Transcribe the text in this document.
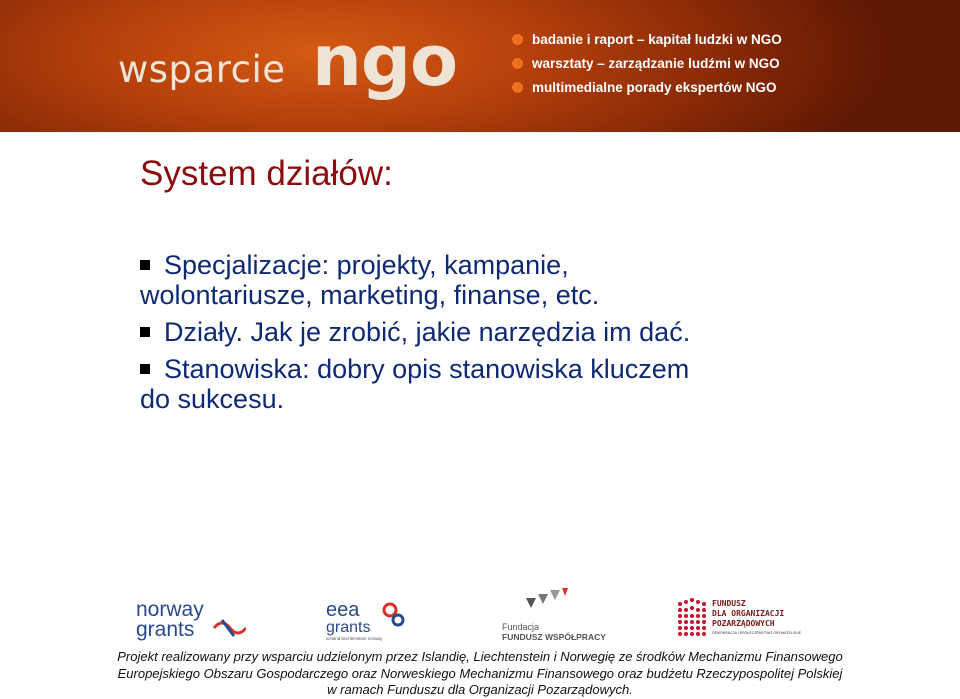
wsparcie ngo	badanie i raport – kapitał ludzki w NGO
warsztaty – zarządzanie ludźmi w NGO
multimedialne porady ekspertów NGO
System działów:
Specjalizacje: projekty, kampanie,
wolontariusze, marketing, finanse, etc.
Działy. Jak je zrobić, jakie narzędzia im dać.
Stanowiska: dobry opis stanowiska kluczem
do sukcesu.
norway
grants
eea
grants
iceland liechtenstein norway
Fundacja
FUNDUSZ WSPÓŁPRACY
FUNDUSZ
DLA ORGANIZACJI
POZARZĄDOWYCH
DEMOKRACJA I SPOŁECZEŃSTWO OBYWATELSKIE
Projekt realizowany przy wsparciu udzielonym przez Islandię, Liechtenstein i Norwegię ze środków Mechanizmu Finansowego
Europejskiego Obszaru Gospodarczego oraz Norweskiego Mechanizmu Finansowego oraz budżetu Rzeczypospolitej Polskiej
w ramach Funduszu dla Organizacji Pozarządowych.
